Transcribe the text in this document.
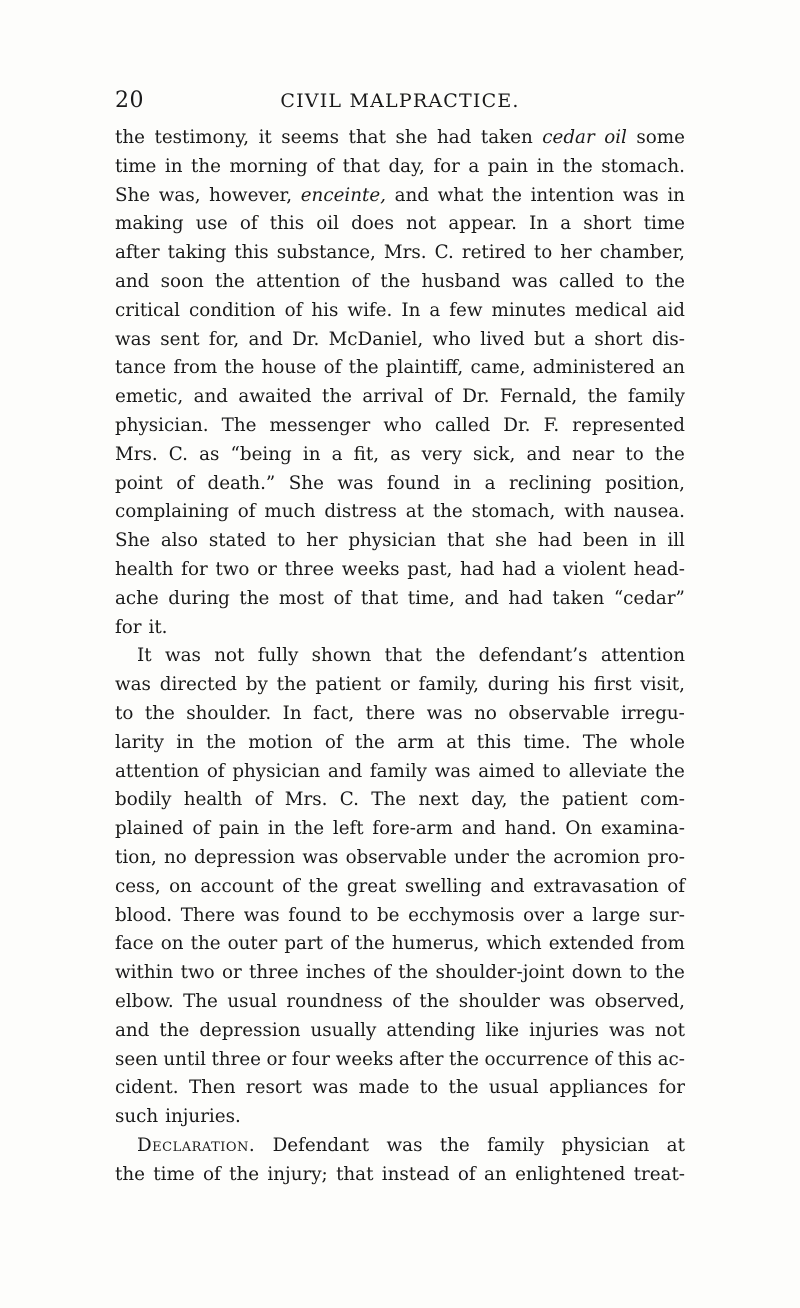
20	CIVIL MALPRACTICE.
the testimony, it seems that she had taken cedar oil some
time in the morning of that day, for a pain in the stomach.
She was, however, enceinte, and what the intention was in
making use of this oil does not appear. In a short time
after taking this substance, Mrs. C. retired to her chamber,
and soon the attention of the husband was called to the
critical condition of his wife. In a few minutes medical aid
was sent for, and Dr. McDaniel, who lived but a short dis-
tance from the house of the plaintiff, came, administered an
emetic, and awaited the arrival of Dr. Fernald, the family
physician. The messenger who called Dr. F. represented
Mrs. C. as “being in a fit, as very sick, and near to the
point of death.” She was found in a reclining position,
complaining of much distress at the stomach, with nausea.
She also stated to her physician that she had been in ill
health for two or three weeks past, had had a violent head-
ache during the most of that time, and had taken “cedar”
for it.
It was not fully shown that the defendant’s attention
was directed by the patient or family, during his first visit,
to the shoulder. In fact, there was no observable irregu-
larity in the motion of the arm at this time. The whole
attention of physician and family was aimed to alleviate the
bodily health of Mrs. C. The next day, the patient com-
plained of pain in the left fore-arm and hand. On examina-
tion, no depression was observable under the acromion pro-
cess, on account of the great swelling and extravasation of
blood. There was found to be ecchymosis over a large sur-
face on the outer part of the humerus, which extended from
within two or three inches of the shoulder-joint down to the
elbow. The usual roundness of the shoulder was observed,
and the depression usually attending like injuries was not
seen until three or four weeks after the occurrence of this ac-
cident. Then resort was made to the usual appliances for
such injuries.
Declaration. Defendant was the family physician at
the time of the injury; that instead of an enlightened treat-
